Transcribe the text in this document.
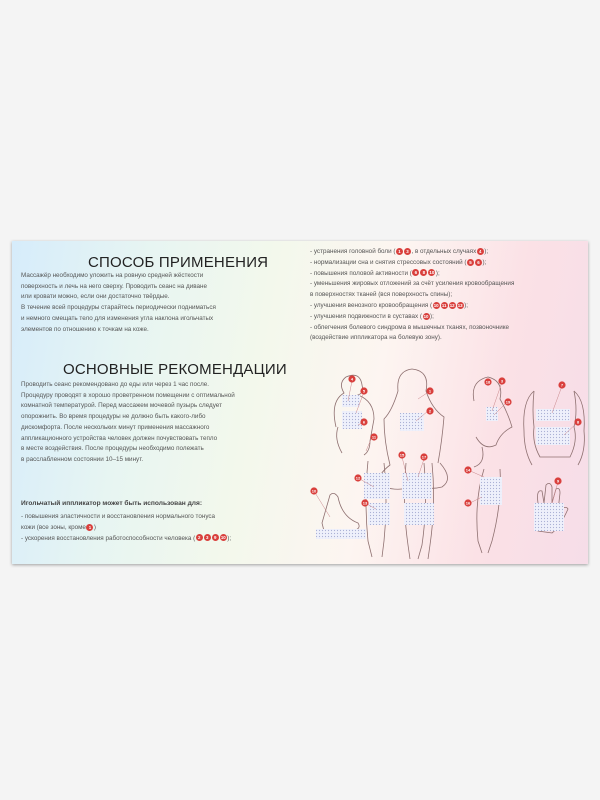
СПОСОБ ПРИМЕНЕНИЯ
Массажёр необходимо уложить на ровную средней жёсткости
поверхность и лечь на него сверху. Проводить сеанс на диване
или кровати можно, если они достаточно твёрдые.
В течение всей процедуры старайтесь периодически подниматься
и немного смещать тело для изменения угла наклона игольчатых
элементов по отношению к точкам на коже.
ОСНОВНЫЕ РЕКОМЕНДАЦИИ
Проводить сеанс рекомендовано до еды или через 1 час после.
Процедуру проводят в хорошо проветренном помещении с оптимальной
комнатной температурой. Перед массажем мочевой пузырь следует
опорожнить. Во время процедуры не должно быть какого-либо
дискомфорта. После нескольких минут применения массажного
аппликационного устройства человек должен почувствовать тепло
в месте воздействия. После процедуры необходимо полежать
в расслабленном состоянии 10–15 минут.
Игольчатый иппликатор может быть использован для:
- повышения эластичности и восстановления нормального тонуса
кожи (все зоны, кроме 1 )
- ускорения восстановления работоспособности человека ( 2 3 9 10 );
- устранения головной боли ( 1 3 , в отдельных случаях 4 );
- нормализации сна и снятия стрессовых состояний ( 5 6 );
- повышения половой активности ( 6 8 10 );
- уменьшения жировых отложений за счёт усиления кровообращения
в поверхностях тканей (вся поверхность спины);
- улучшения венозного кровообращения ( 10 11 12 13 );
- улучшения подвижности в суставах ( 10 );
- облегчения болевого синдрома в мышечных тканях, позвоночнике
(воздействие иппликатора на болевую зону).
1
2
3
4
5
6
7
8
9
10
11
12
13
14
15
16
17
18
19
